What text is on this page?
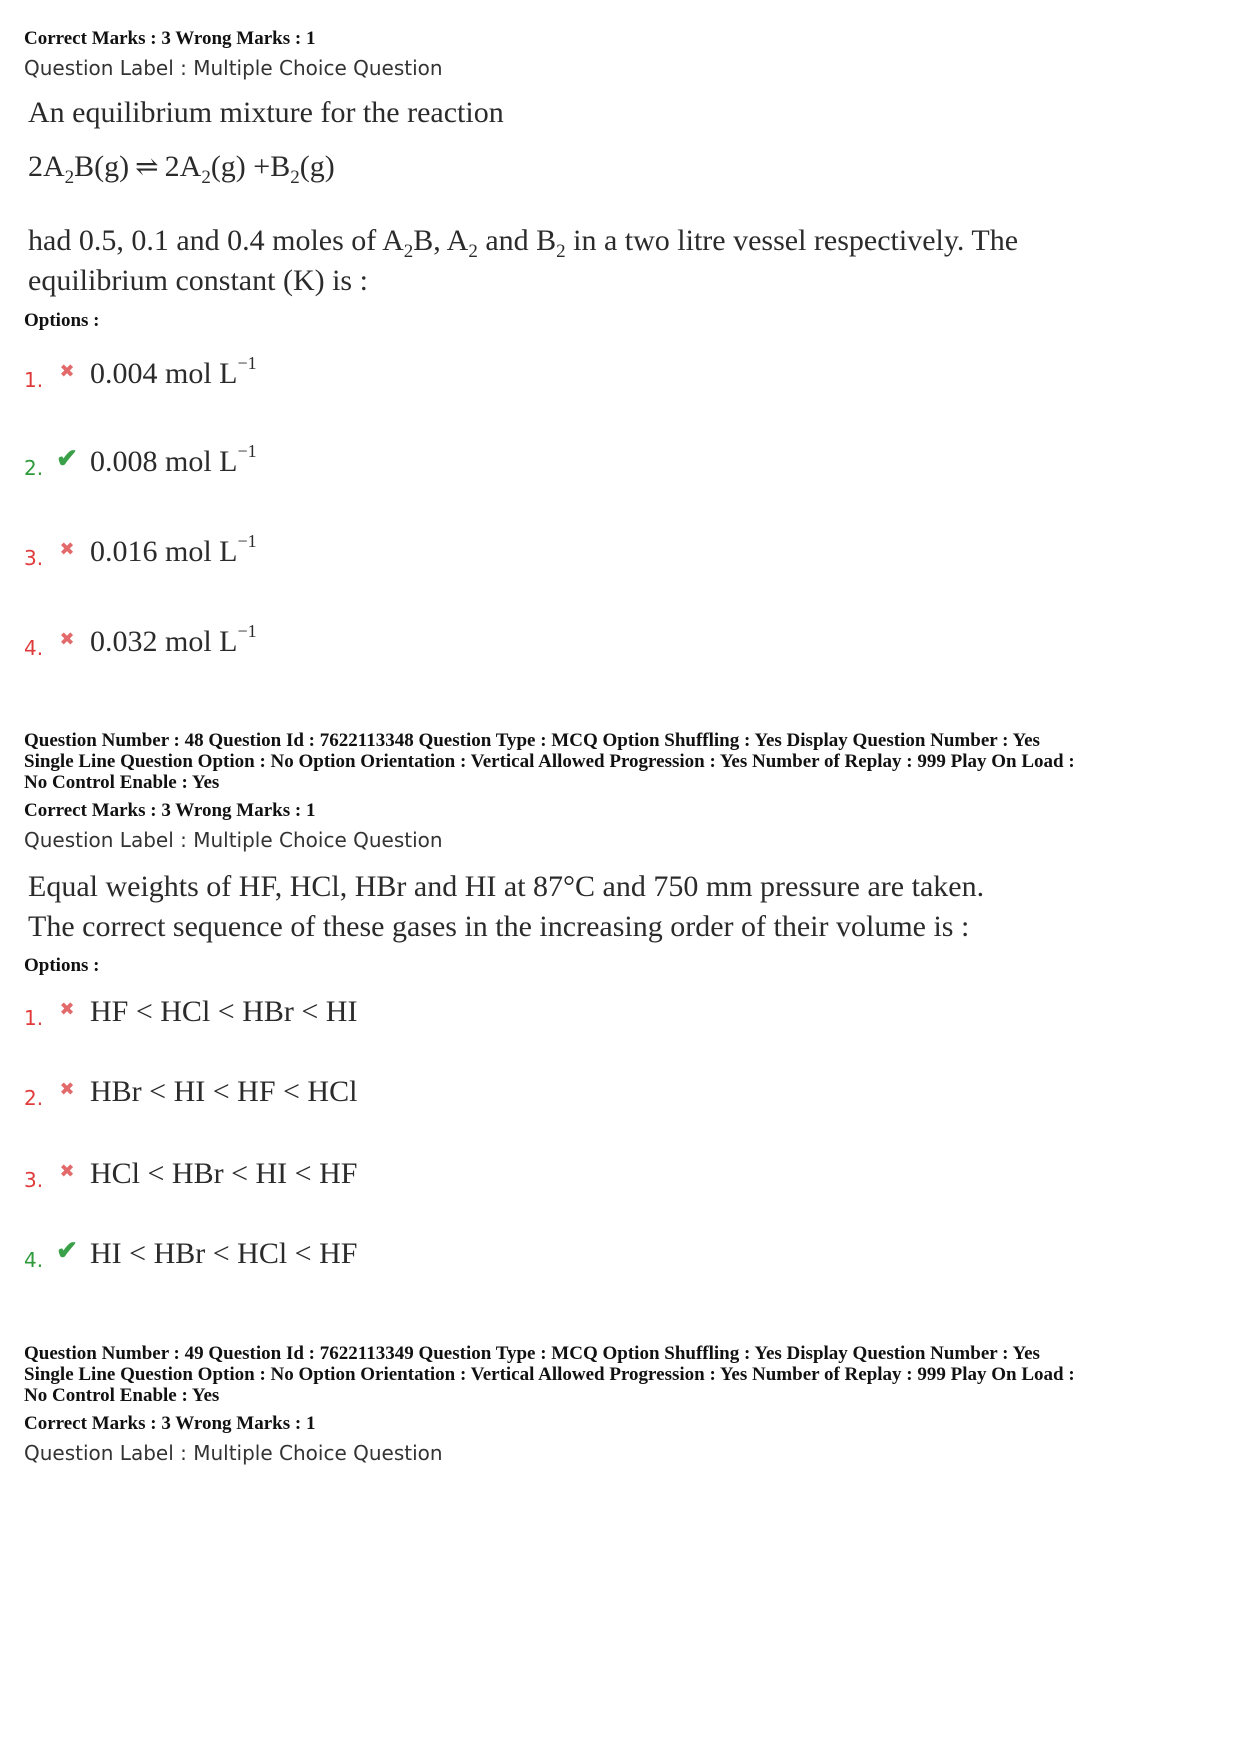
Correct Marks : 3 Wrong Marks : 1

Question Label : Multiple Choice Question

An equilibrium mixture for the reaction

$2A_2B(g)$ ⇌ $2A_2(g) +B_2(g)$

had 0.5, 0.1 and 0.4 moles of $A_2B$, $A_2$ and $B_2$ in a two litre vessel respectively. The

equilibrium constant (K) is :

Options :

1. ✖ 0.004 mol $L^{-1}$
2. ✔ 0.008 mol $L^{-1}$
3. ✖ 0.016 mol $L^{-1}$
4. ✖ 0.032 mol $L^{-1}$

Question Number : 48 Question Id : 7622113348 Question Type : MCQ Option Shuffling : Yes Display Question Number : Yes

Single Line Question Option : No Option Orientation : Vertical Allowed Progression : Yes Number of Replay : 999 Play On Load :

No Control Enable : Yes

Correct Marks : 3 Wrong Marks : 1

Question Label : Multiple Choice Question

Equal weights of HF, HCl, HBr and HI at 87°C and 750 mm pressure are taken.

The correct sequence of these gases in the increasing order of their volume is :

Options :

1. ✖ HF < HCl < HBr < HI
2. ✖ HBr < HI < HF < HCl
3. ✖ HCl < HBr < HI < HF
4. ✔ HI < HBr < HCl < HF

Question Number : 49 Question Id : 7622113349 Question Type : MCQ Option Shuffling : Yes Display Question Number : Yes

Single Line Question Option : No Option Orientation : Vertical Allowed Progression : Yes Number of Replay : 999 Play On Load :

No Control Enable : Yes

Correct Marks : 3 Wrong Marks : 1

Question Label : Multiple Choice Question
